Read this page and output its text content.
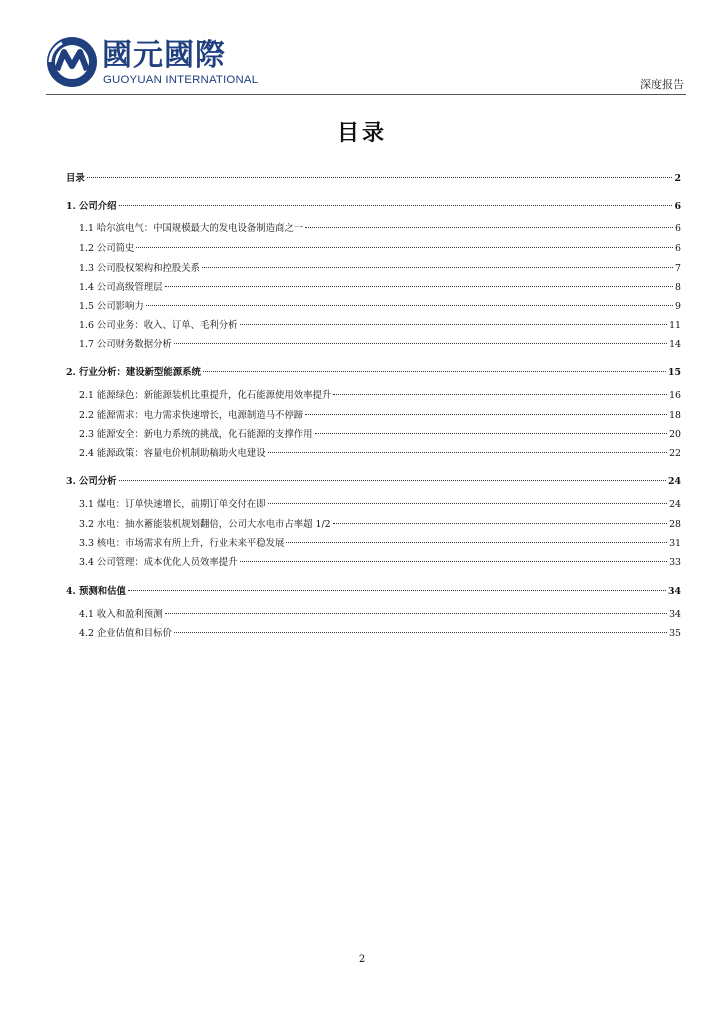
國元國際
GUOYUAN INTERNATIONAL	深度报告
目录
目录	2
1. 公司介绍	6
1.1 哈尔滨电气：中国规模最大的发电设备制造商之一	6
1.2 公司简史	6
1.3 公司股权架构和控股关系	7
1.4 公司高级管理层	8
1.5 公司影响力	9
1.6 公司业务：收入、订单、毛利分析	11
1.7 公司财务数据分析	14
2. 行业分析：建设新型能源系统	15
2.1 能源绿色：新能源装机比重提升，化石能源使用效率提升	16
2.2 能源需求：电力需求快速增长，电源制造马不停蹄	18
2.3 能源安全：新电力系统的挑战，化石能源的支撑作用	20
2.4 能源政策：容量电价机制助稿助火电建设	22
3. 公司分析	24
3.1 煤电：订单快速增长，前期订单交付在即	24
3.2 水电：抽水蓄能装机规划翻倍，公司大水电市占率超 1/2	28
3.3 核电：市场需求有所上升，行业未来平稳发展	31
3.4 公司管理：成本优化人员效率提升	33
4. 预测和估值	34
4.1 收入和盈利预测	34
4.2 企业估值和目标价	35
2
